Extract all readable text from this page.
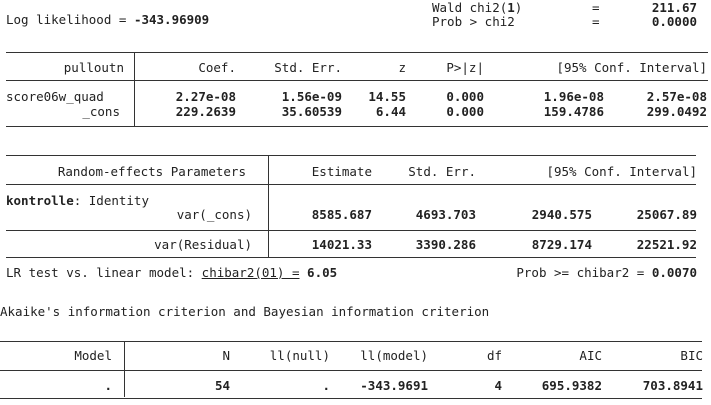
Log likelihood = -343.96909
Wald chi2(1)	=	211.67
Prob > chi2	=	0.0000
pulloutn	Coef.	Std. Err.	z	P>|z|	[95% Conf. Interval]
score06w_quad	2.27e-08	1.56e-09	14.55	0.000	1.96e-08	2.57e-08
_cons	229.2639	35.60539	6.44	0.000	159.4786	299.0492
Random-effects Parameters	Estimate	Std. Err.	[95% Conf. Interval]
kontrolle: Identity
var(_cons)	8585.687	4693.703	2940.575	25067.89
var(Residual)	14021.33	3390.286	8729.174	22521.92
LR test vs. linear model: chibar2(01) = 6.05	Prob >= chibar2 = 0.0070
Akaike's information criterion and Bayesian information criterion
Model	N	ll(null)	ll(model)	df	AIC	BIC
.	54	.	-343.9691	4	695.9382	703.8941
